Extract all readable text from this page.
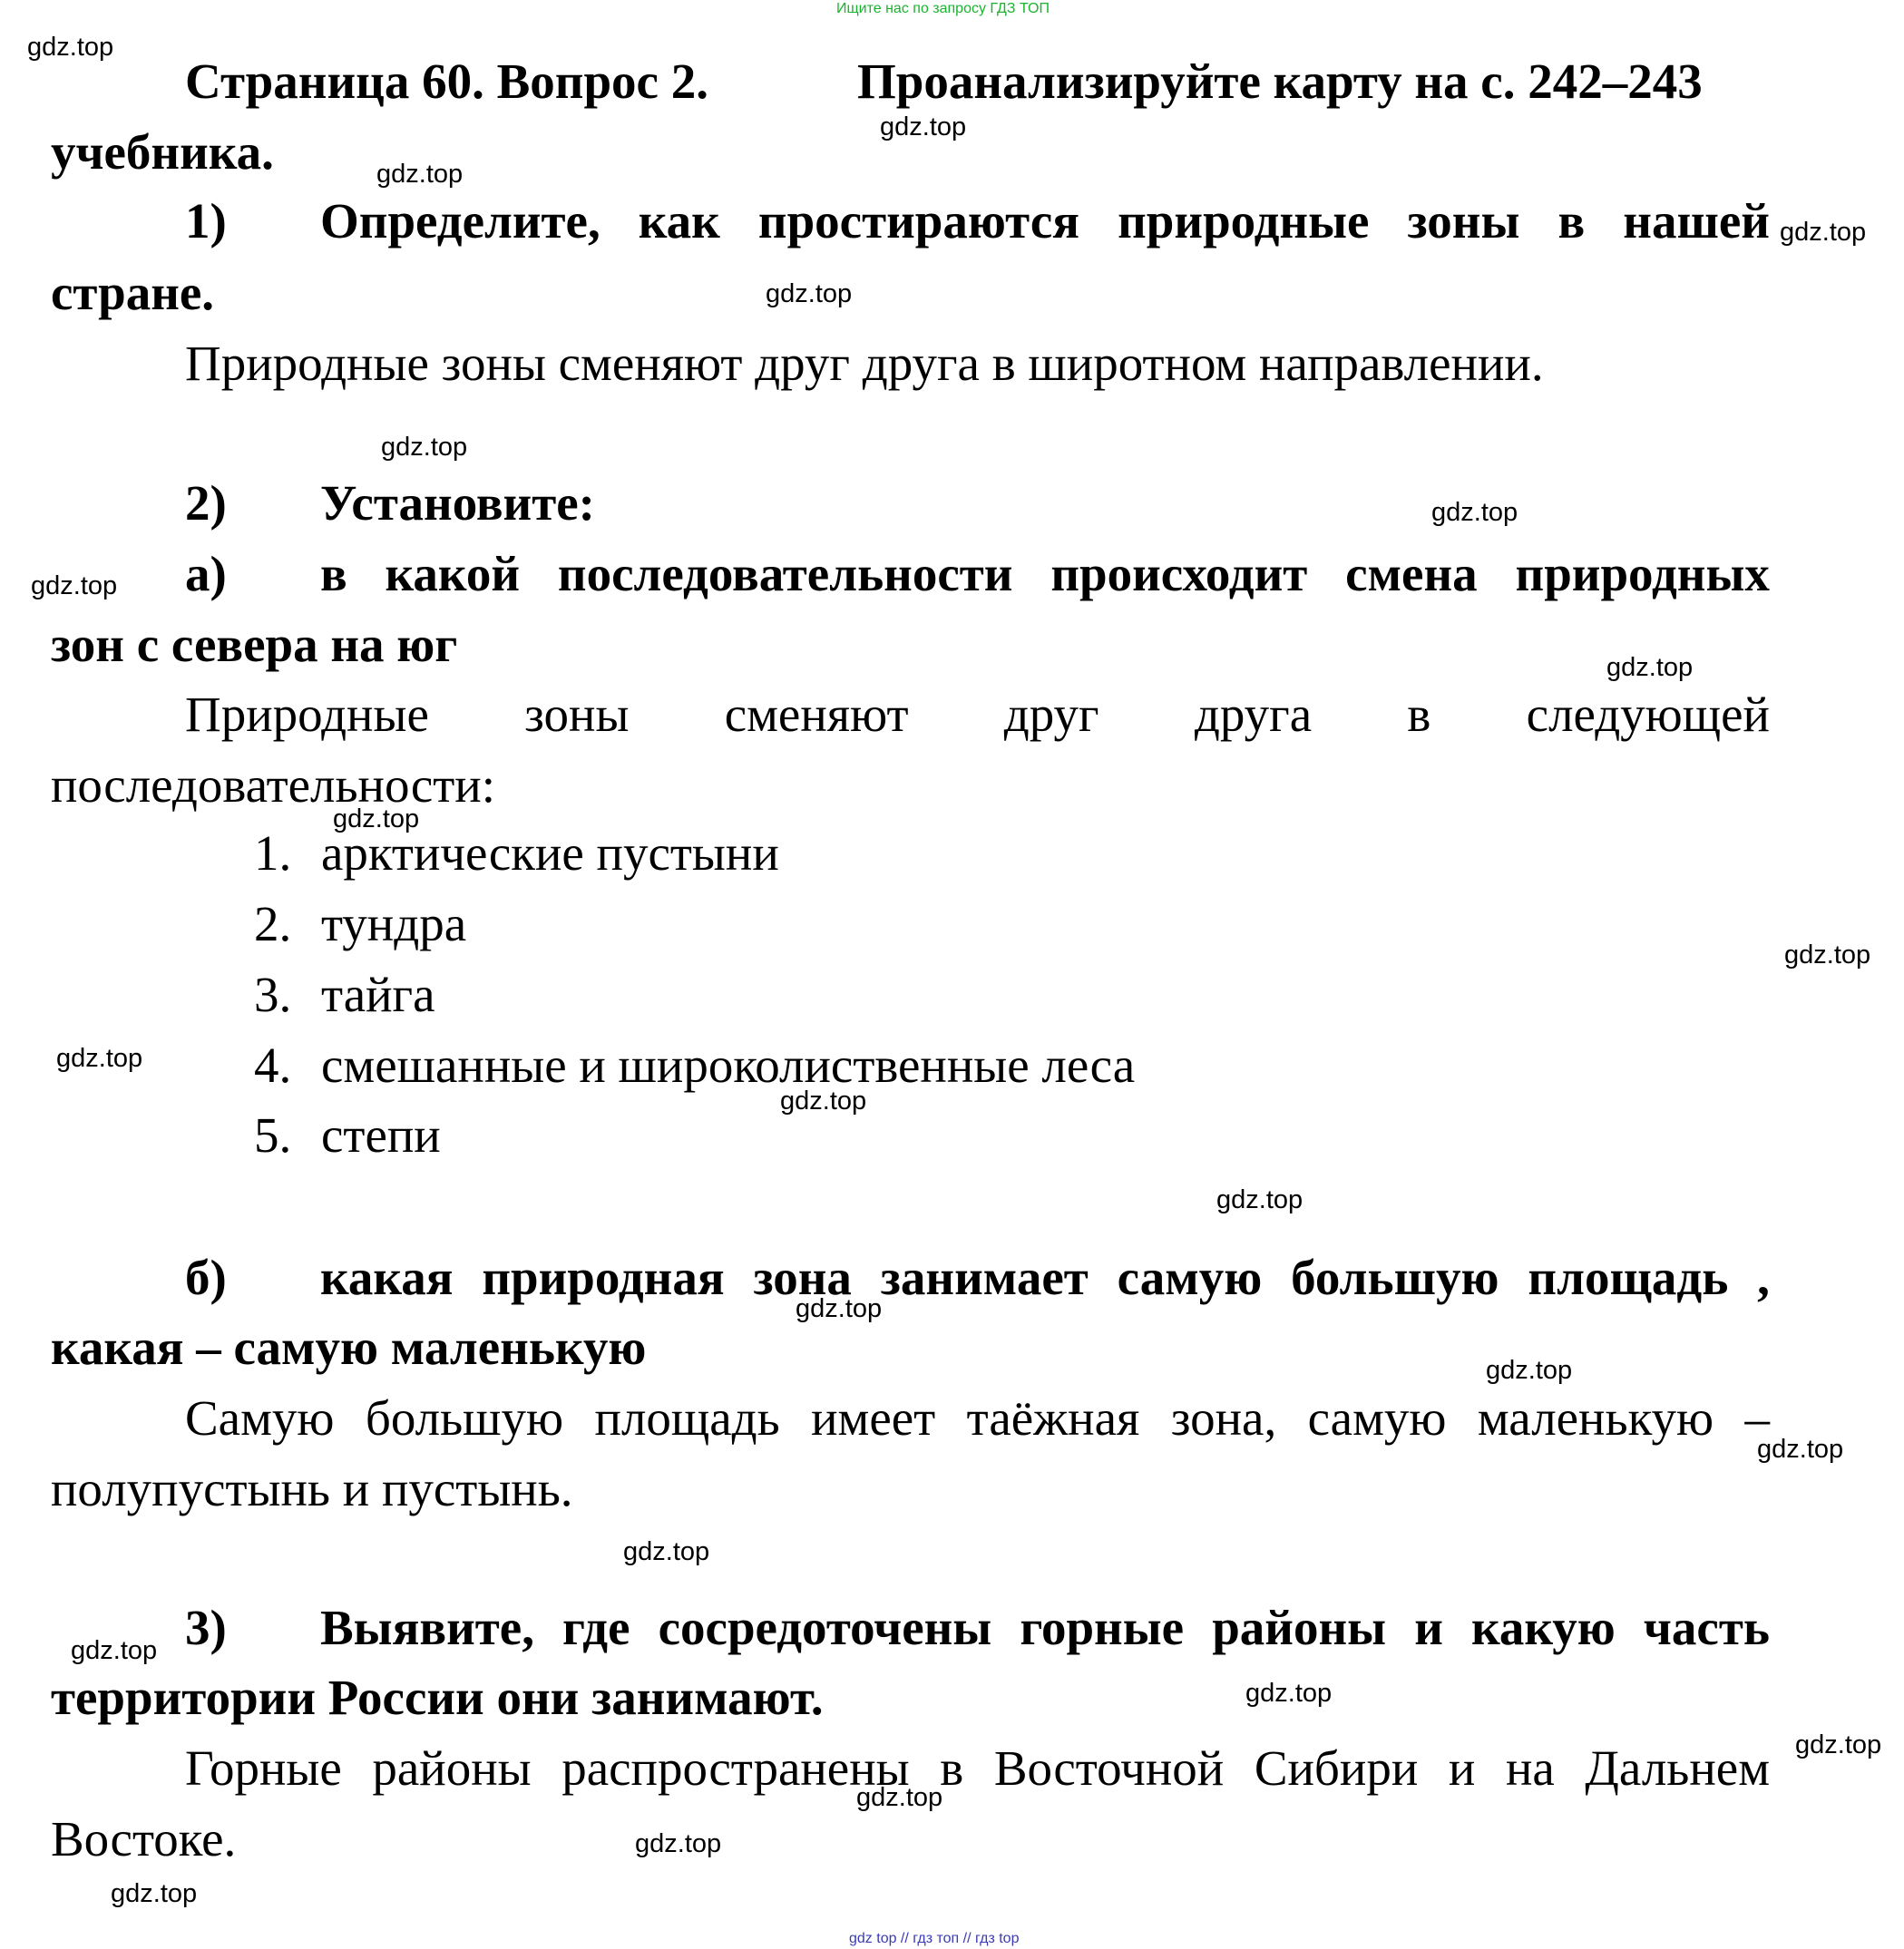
Ищите нас по запросу ГДЗ ТОП
Страница 60. Вопрос 2.	Проанализируйте карту на с. 242–243
учебника.
1) Определите, как простираются природные зоны в нашей
стране.
Природные зоны сменяют друг друга в широтном направлении.
2) Установите:
а) в какой последовательности происходит смена природных
зон с севера на юг
Природные зоны сменяют друг друга в следующей
последовательности:
1. арктические пустыни
2. тундра
3. тайга
4. смешанные и широколиственные леса
5. степи
б) какая природная зона занимает самую большую площадь ,
какая – самую маленькую
Самую большую площадь имеет таёжная зона, самую маленькую –
полупустынь и пустынь.
3) Выявите, где сосредоточены горные районы и какую часть
территории России они занимают.
Горные районы распространены в Восточной Сибири и на Дальнем
Востоке.
gdz.top
gdz.top
gdz.top
gdz.top
gdz.top
gdz.top
gdz.top
gdz.top
gdz.top
gdz.top
gdz.top
gdz.top
gdz.top
gdz.top
gdz.top
gdz.top
gdz.top
gdz.top
gdz.top
gdz.top
gdz.top
gdz.top
gdz.top
gdz.top
gdz top // гдз топ // гдз top
